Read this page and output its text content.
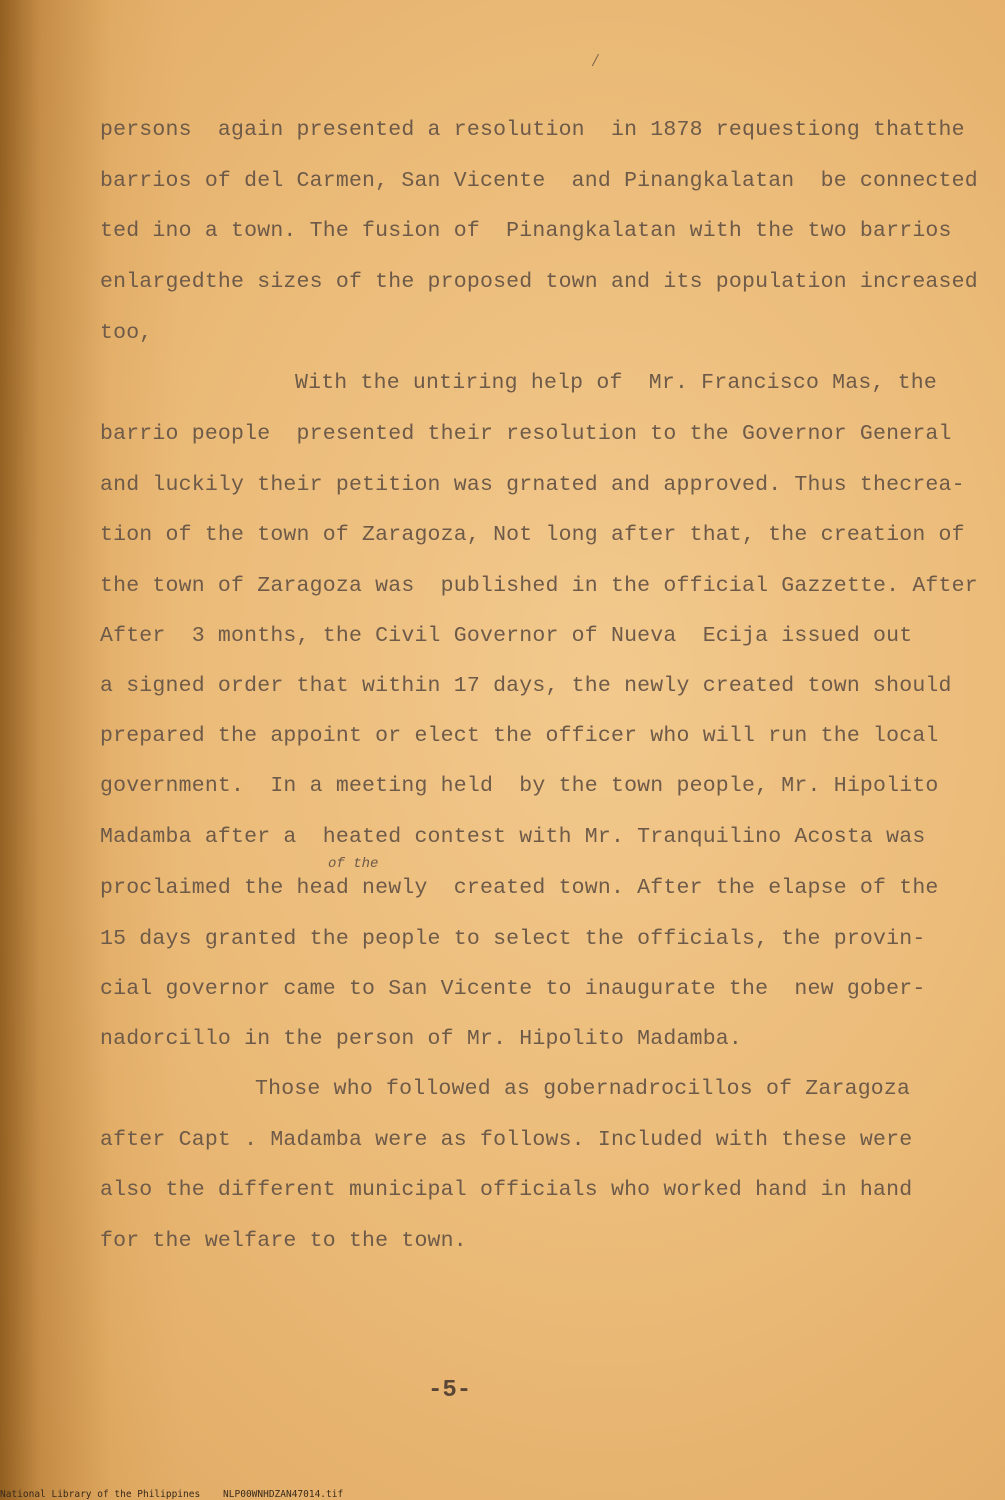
∕
persons  again presented a resolution  in 1878 requestiong thatthe
barrios of del Carmen, San Vicente  and Pinangkalatan  be connected
ted ino a town. The fusion of  Pinangkalatan with the two barrios
enlargedthe sizes of the proposed town and its population increased
too,
With the untiring help of  Mr. Francisco Mas, the
barrio people  presented their resolution to the Governor General
and luckily their petition was grnated and approved. Thus thecrea-
tion of the town of Zaragoza, Not long after that, the creation of
the town of Zaragoza was  published in the official Gazzette. After
After  3 months, the Civil Governor of Nueva  Ecija issued out
a signed order that within 17 days, the newly created town should
prepared the appoint or elect the officer who will run the local
government.  In a meeting held  by the town people, Mr. Hipolito
Madamba after a  heated contest with Mr. Tranquilino Acosta was
of the
proclaimed the head newly  created town. After the elapse of the
15 days granted the people to select the officials, the provin-
cial governor came to San Vicente to inaugurate the  new gober-
nadorcillo in the person of Mr. Hipolito Madamba.
Those who followed as gobernadrocillos of Zaragoza
after Capt . Madamba were as follows. Included with these were
also the different municipal officials who worked hand in hand
for the welfare to the town.
-5-
National Library of the Philippines    NLP00WNHDZAN47014.tif
